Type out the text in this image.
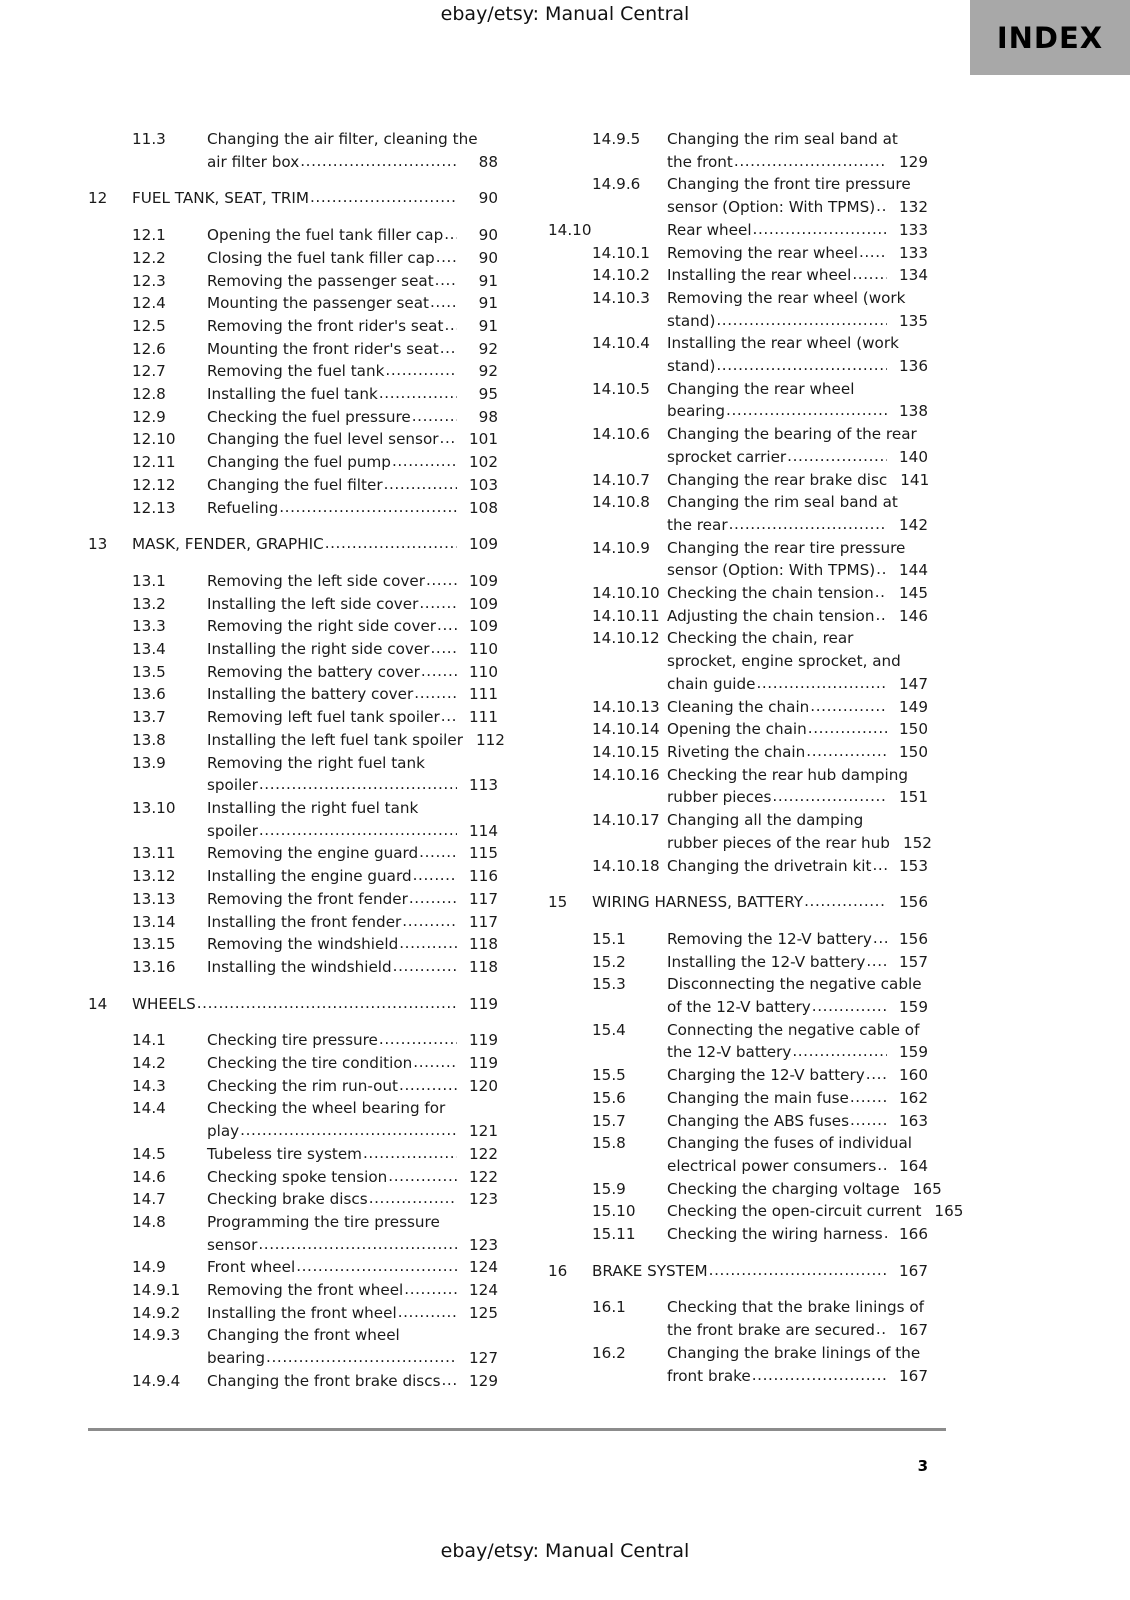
ebay/etsy: Manual Central
INDEX
11.3	Changing the air filter, cleaning the
air filter box .....	88
12	FUEL TANK, SEAT, TRIM .....	90
12.1	Opening the fuel tank filler cap .....	90
12.2	Closing the fuel tank filler cap .....	90
12.3	Removing the passenger seat .....	91
12.4	Mounting the passenger seat .....	91
12.5	Removing the front rider's seat .....	91
12.6	Mounting the front rider's seat .....	92
12.7	Removing the fuel tank .....	92
12.8	Installing the fuel tank .....	95
12.9	Checking the fuel pressure .....	98
12.10	Changing the fuel level sensor .....	101
12.11	Changing the fuel pump .....	102
12.12	Changing the fuel filter .....	103
12.13	Refueling .....	108
13	MASK, FENDER, GRAPHIC .....	109
13.1	Removing the left side cover .....	109
13.2	Installing the left side cover .....	109
13.3	Removing the right side cover .....	109
13.4	Installing the right side cover .....	110
13.5	Removing the battery cover .....	110
13.6	Installing the battery cover .....	111
13.7	Removing left fuel tank spoiler .....	111
13.8	Installing the left fuel tank spoiler 112
13.9	Removing the right fuel tank
spoiler .....	113
13.10	Installing the right fuel tank
spoiler .....	114
13.11	Removing the engine guard .....	115
13.12	Installing the engine guard .....	116
13.13	Removing the front fender .....	117
13.14	Installing the front fender .....	117
13.15	Removing the windshield .....	118
13.16	Installing the windshield .....	118
14	WHEELS .....	119
14.1	Checking tire pressure .....	119
14.2	Checking the tire condition .....	119
14.3	Checking the rim run-out .....	120
14.4	Checking the wheel bearing for
play .....	121
14.5	Tubeless tire system .....	122
14.6	Checking spoke tension .....	122
14.7	Checking brake discs .....	123
14.8	Programming the tire pressure
sensor .....	123
14.9	Front wheel .....	124
14.9.1	Removing the front wheel .....	124
14.9.2	Installing the front wheel .....	125
14.9.3	Changing the front wheel
bearing .....	127
14.9.4	Changing the front brake discs .....	129
14.9.5	Changing the rim seal band at
the front .....	129
14.9.6	Changing the front tire pressure
sensor (Option: With TPMS) .....	132
14.10	Rear wheel .....	133
14.10.1	Removing the rear wheel .....	133
14.10.2	Installing the rear wheel .....	134
14.10.3	Removing the rear wheel (work
stand) .....	135
14.10.4	Installing the rear wheel (work
stand) .....	136
14.10.5	Changing the rear wheel
bearing .....	138
14.10.6	Changing the bearing of the rear
sprocket carrier .....	140
14.10.7	Changing the rear brake disc 141
14.10.8	Changing the rim seal band at
the rear .....	142
14.10.9	Changing the rear tire pressure
sensor (Option: With TPMS) .....	144
14.10.10 Checking the chain tension .....	145
14.10.11 Adjusting the chain tension .....	146
14.10.12 Checking the chain, rear
sprocket, engine sprocket, and
chain guide .....	147
14.10.13 Cleaning the chain .....	149
14.10.14 Opening the chain .....	150
14.10.15 Riveting the chain .....	150
14.10.16 Checking the rear hub damping
rubber pieces .....	151
14.10.17 Changing all the damping
rubber pieces of the rear hub 152
14.10.18 Changing the drivetrain kit .....	153
15	WIRING HARNESS, BATTERY .....	156
15.1	Removing the 12-V battery .....	156
15.2	Installing the 12-V battery .....	157
15.3	Disconnecting the negative cable
of the 12-V battery .....	159
15.4	Connecting the negative cable of
the 12-V battery .....	159
15.5	Charging the 12-V battery .....	160
15.6	Changing the main fuse .....	162
15.7	Changing the ABS fuses .....	163
15.8	Changing the fuses of individual
electrical power consumers .....	164
15.9	Checking the charging voltage 165
15.10	Checking the open-circuit current 165
15.11	Checking the wiring harness .....	166
16	BRAKE SYSTEM .....	167
16.1	Checking that the brake linings of
the front brake are secured .....	167
16.2	Changing the brake linings of the
front brake .....	167
3
ebay/etsy: Manual Central
